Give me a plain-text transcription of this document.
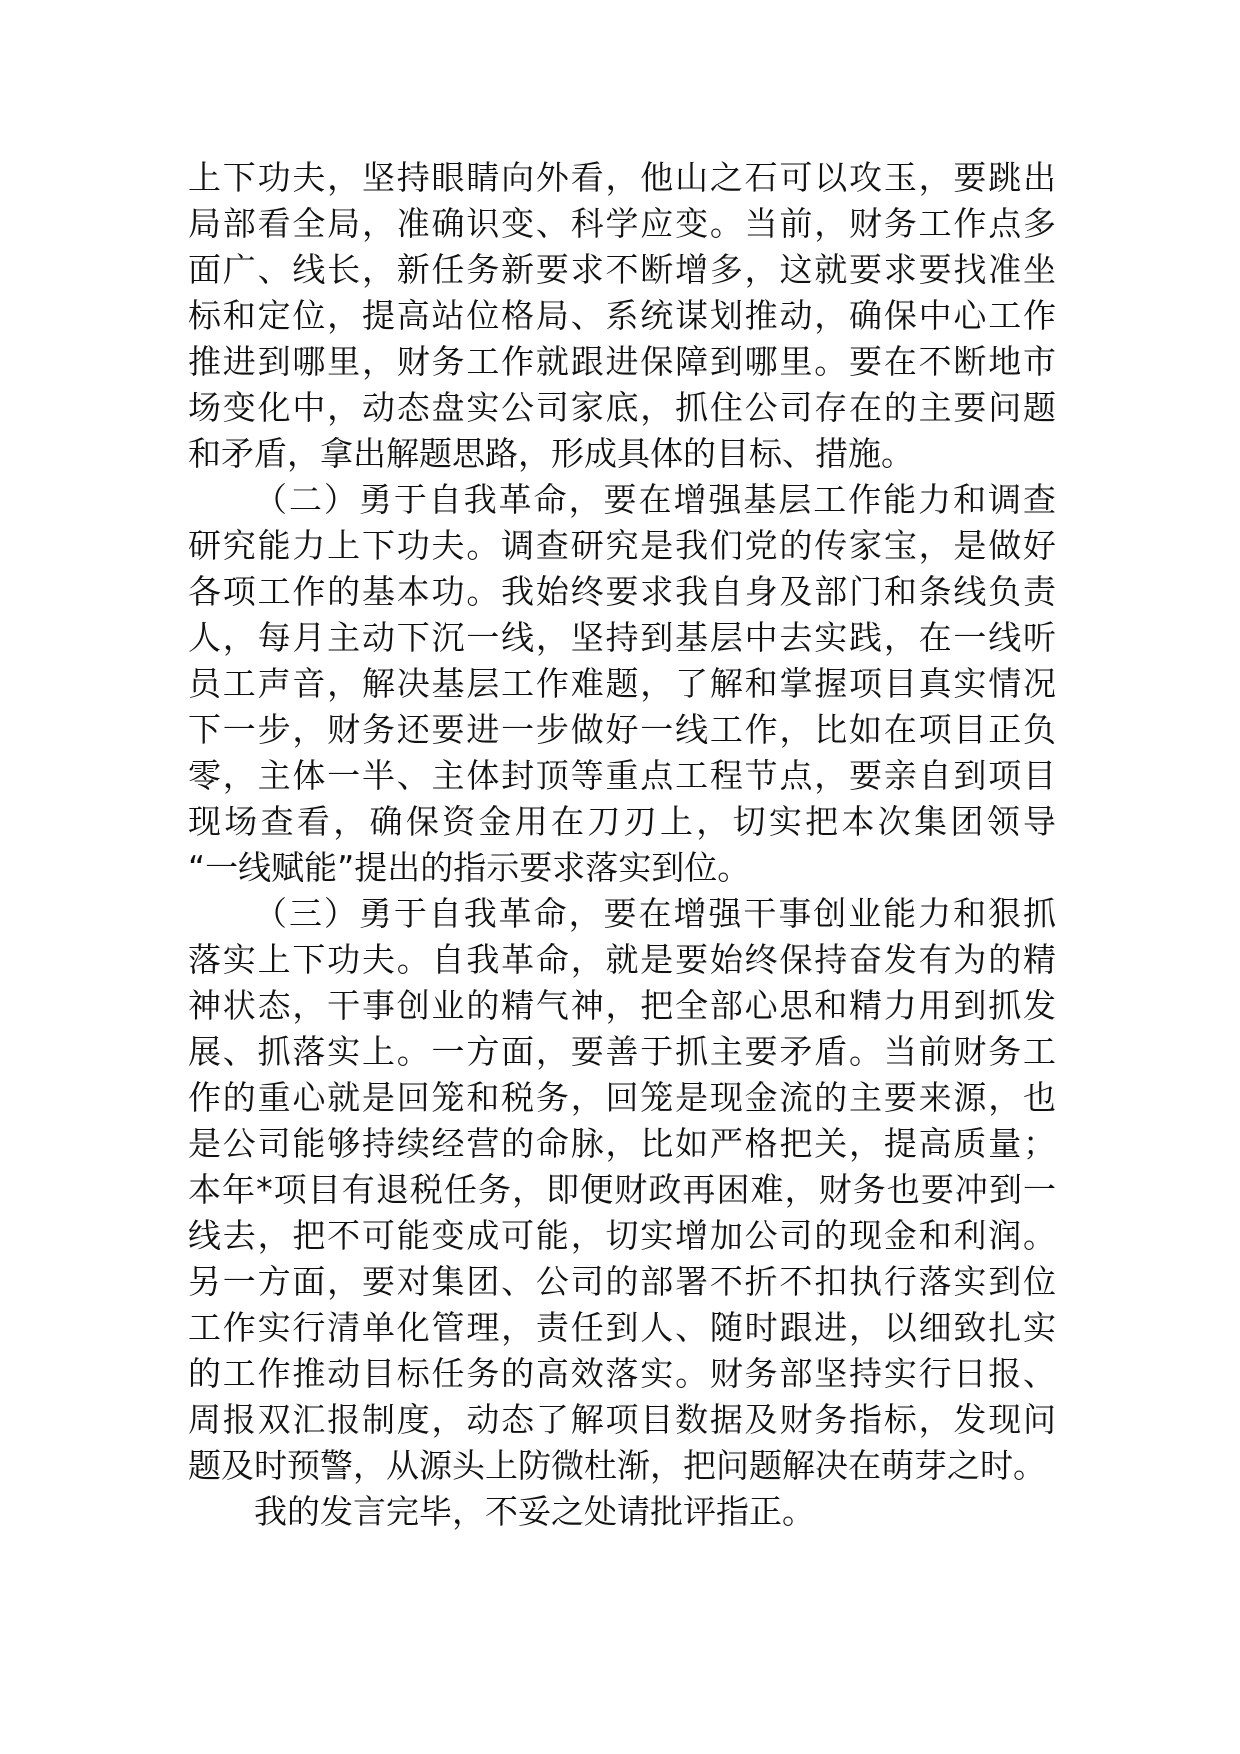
上下功夫，坚持眼睛向外看，他山之石可以攻玉，要跳出
局部看全局，准确识变、科学应变。当前，财务工作点多
面广、线长，新任务新要求不断增多，这就要求要找准坐
标和定位，提高站位格局、系统谋划推动，确保中心工作
推进到哪里，财务工作就跟进保障到哪里。要在不断地市
场变化中，动态盘实公司家底，抓住公司存在的主要问题
和矛盾，拿出解题思路，形成具体的目标、措施。
（二）勇于自我革命，要在增强基层工作能力和调查
研究能力上下功夫。调查研究是我们党的传家宝，是做好
各项工作的基本功。我始终要求我自身及部门和条线负责
人，每月主动下沉一线，坚持到基层中去实践，在一线听
员工声音，解决基层工作难题，了解和掌握项目真实情况
下一步，财务还要进一步做好一线工作，比如在项目正负
零，主体一半、主体封顶等重点工程节点，要亲自到项目
现场查看，确保资金用在刀刃上，切实把本次集团领导
“一线赋能”提出的指示要求落实到位。
（三）勇于自我革命，要在增强干事创业能力和狠抓
落实上下功夫。自我革命，就是要始终保持奋发有为的精
神状态，干事创业的精气神，把全部心思和精力用到抓发
展、抓落实上。一方面，要善于抓主要矛盾。当前财务工
作的重心就是回笼和税务，回笼是现金流的主要来源，也
是公司能够持续经营的命脉，比如严格把关，提高质量；
本年*项目有退税任务，即便财政再困难，财务也要冲到一
线去，把不可能变成可能，切实增加公司的现金和利润。
另一方面，要对集团、公司的部署不折不扣执行落实到位
工作实行清单化管理，责任到人、随时跟进，以细致扎实
的工作推动目标任务的高效落实。财务部坚持实行日报、
周报双汇报制度，动态了解项目数据及财务指标，发现问
题及时预警，从源头上防微杜渐，把问题解决在萌芽之时。
我的发言完毕，不妥之处请批评指正。
